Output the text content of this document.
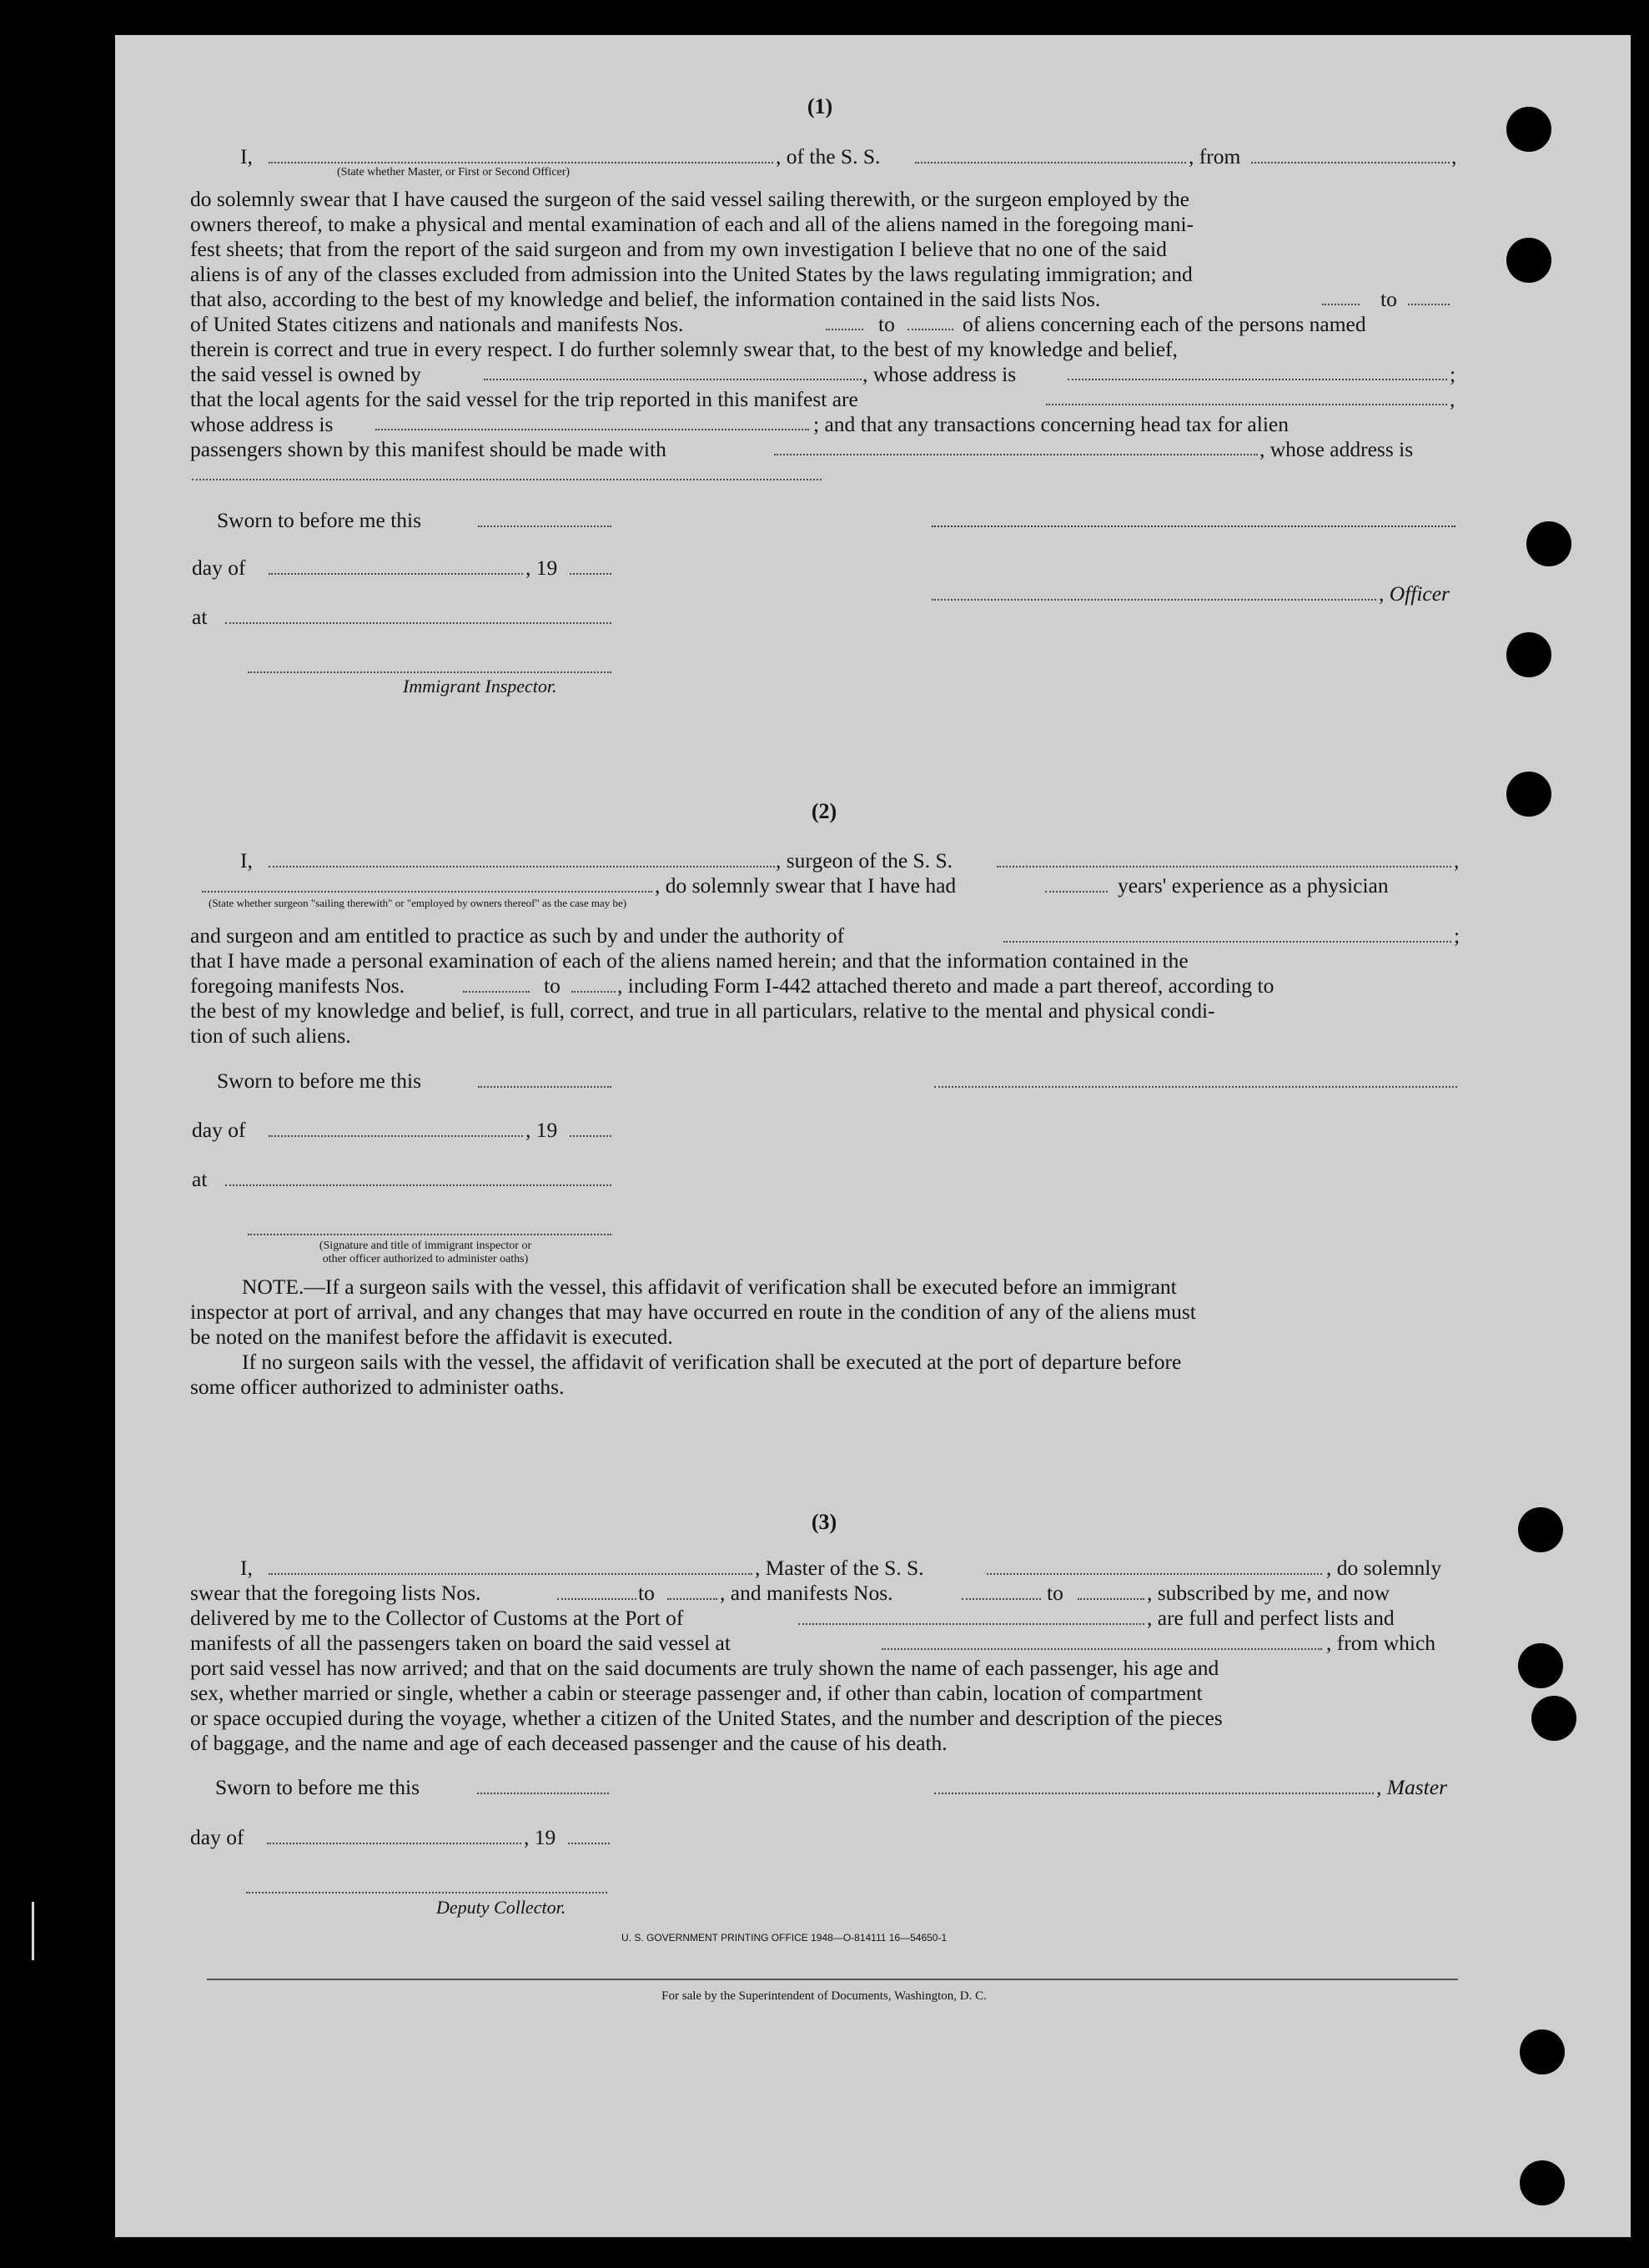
(1)
I,	, of the S. S.	, from	,
(State whether Master, or First or Second Officer)
do solemnly swear that I have caused the surgeon of the said vessel sailing therewith, or the surgeon employed by the
owners thereof, to make a physical and mental examination of each and all of the aliens named in the foregoing mani-
fest sheets; that from the report of the said surgeon and from my own investigation I believe that no one of the said
aliens is of any of the classes excluded from admission into the United States by the laws regulating immigration; and
that also, according to the best of my knowledge and belief, the information contained in the said lists Nos.	to
of United States citizens and nationals and manifests Nos.	to	of aliens concerning each of the persons named
therein is correct and true in every respect. I do further solemnly swear that, to the best of my knowledge and belief,
the said vessel is owned by	, whose address is	;
that the local agents for the said vessel for the trip reported in this manifest are	,
whose address is	; and that any transactions concerning head tax for alien
passengers shown by this manifest should be made with	, whose address is
Sworn to before me this
day of	, 19
, Officer
at
Immigrant Inspector.
(2)
I,	, surgeon of the S. S.	,
, do solemnly swear that I have had	years' experience as a physician
(State whether surgeon "sailing therewith" or "employed by owners thereof" as the case may be)
and surgeon and am entitled to practice as such by and under the authority of	;
that I have made a personal examination of each of the aliens named herein; and that the information contained in the
foregoing manifests Nos.	to	, including Form I-442 attached thereto and made a part thereof, according to
the best of my knowledge and belief, is full, correct, and true in all particulars, relative to the mental and physical condi-
tion of such aliens.
Sworn to before me this
day of	, 19
at
(Signature and title of immigrant inspector or
other officer authorized to administer oaths)
NOTE.—If a surgeon sails with the vessel, this affidavit of verification shall be executed before an immigrant
inspector at port of arrival, and any changes that may have occurred en route in the condition of any of the aliens must
be noted on the manifest before the affidavit is executed.
If no surgeon sails with the vessel, the affidavit of verification shall be executed at the port of departure before
some officer authorized to administer oaths.
(3)
I,	, Master of the S. S.	, do solemnly
swear that the foregoing lists Nos.	to	, and manifests Nos.	to	, subscribed by me, and now
delivered by me to the Collector of Customs at the Port of	, are full and perfect lists and
manifests of all the passengers taken on board the said vessel at	, from which
port said vessel has now arrived; and that on the said documents are truly shown the name of each passenger, his age and
sex, whether married or single, whether a cabin or steerage passenger and, if other than cabin, location of compartment
or space occupied during the voyage, whether a citizen of the United States, and the number and description of the pieces
of baggage, and the name and age of each deceased passenger and the cause of his death.
Sworn to before me this	, Master
day of	, 19
Deputy Collector.
U. S. GOVERNMENT PRINTING OFFICE 1948—O-814111 16—54650-1
For sale by the Superintendent of Documents, Washington, D. C.
